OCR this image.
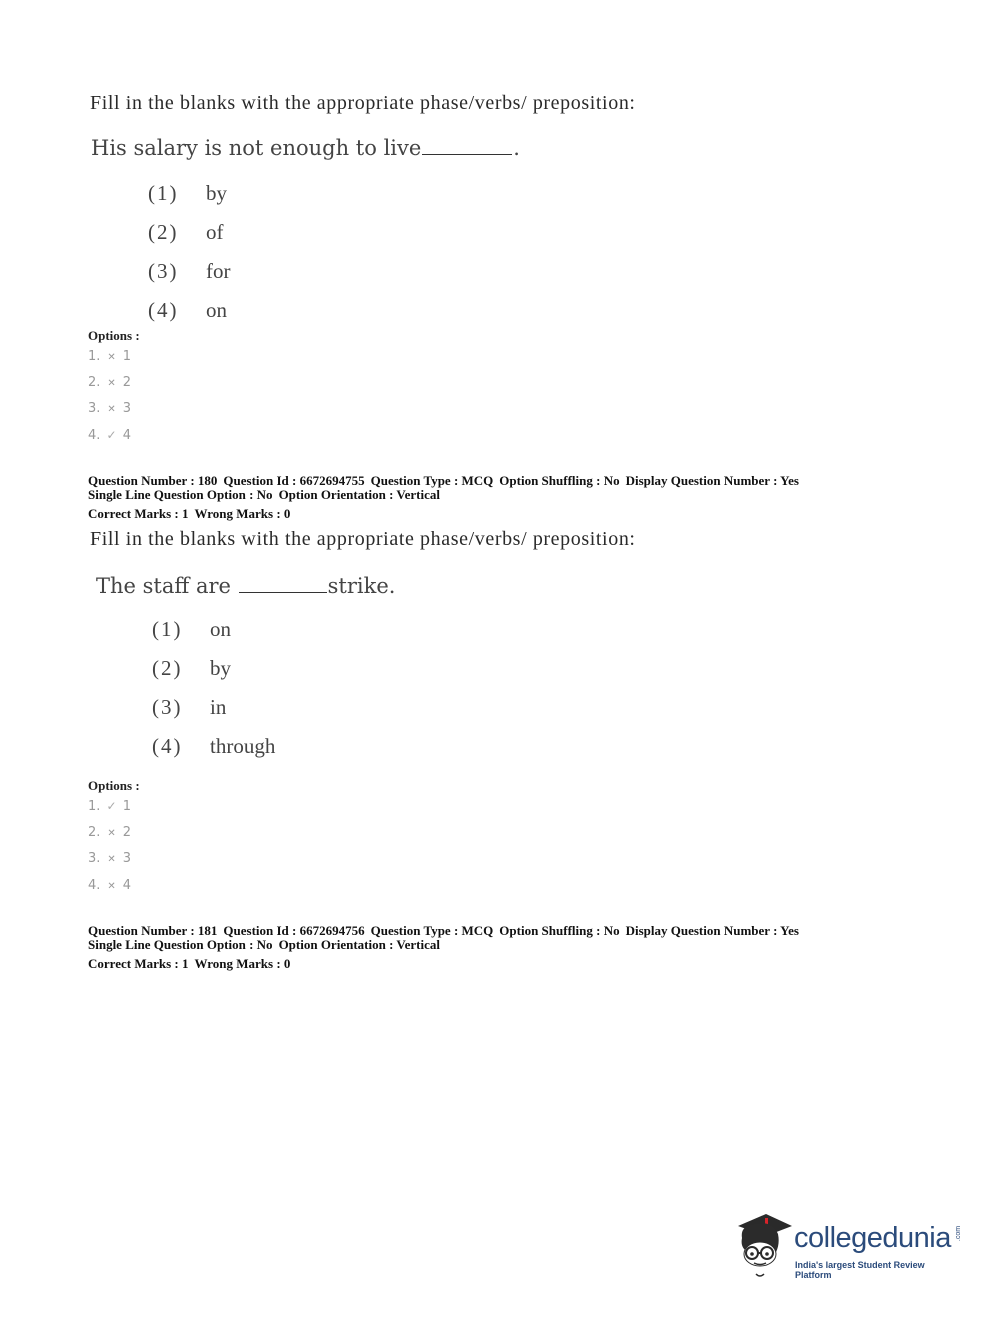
Fill in the blanks with the appropriate phase/verbs/ preposition:
His salary is not enough to live	.
(1) by
(2) of
(3) for
(4) on
Options :
1. ✕ 1
2. ✕ 2
3. ✕ 3
4. ✓ 4
Question Number : 180 Question Id : 6672694755 Question Type : MCQ Option Shuffling : No Display Question Number : Yes
Single Line Question Option : No Option Orientation : Vertical
Correct Marks : 1 Wrong Marks : 0
Fill in the blanks with the appropriate phase/verbs/ preposition:
The staff are	strike.
(1) on
(2) by
(3) in
(4) through
Options :
1. ✓ 1
2. ✕ 2
3. ✕ 3
4. ✕ 4
Question Number : 181 Question Id : 6672694756 Question Type : MCQ Option Shuffling : No Display Question Number : Yes
Single Line Question Option : No Option Orientation : Vertical
Correct Marks : 1 Wrong Marks : 0
collegedunia .com
India's largest Student Review Platform
